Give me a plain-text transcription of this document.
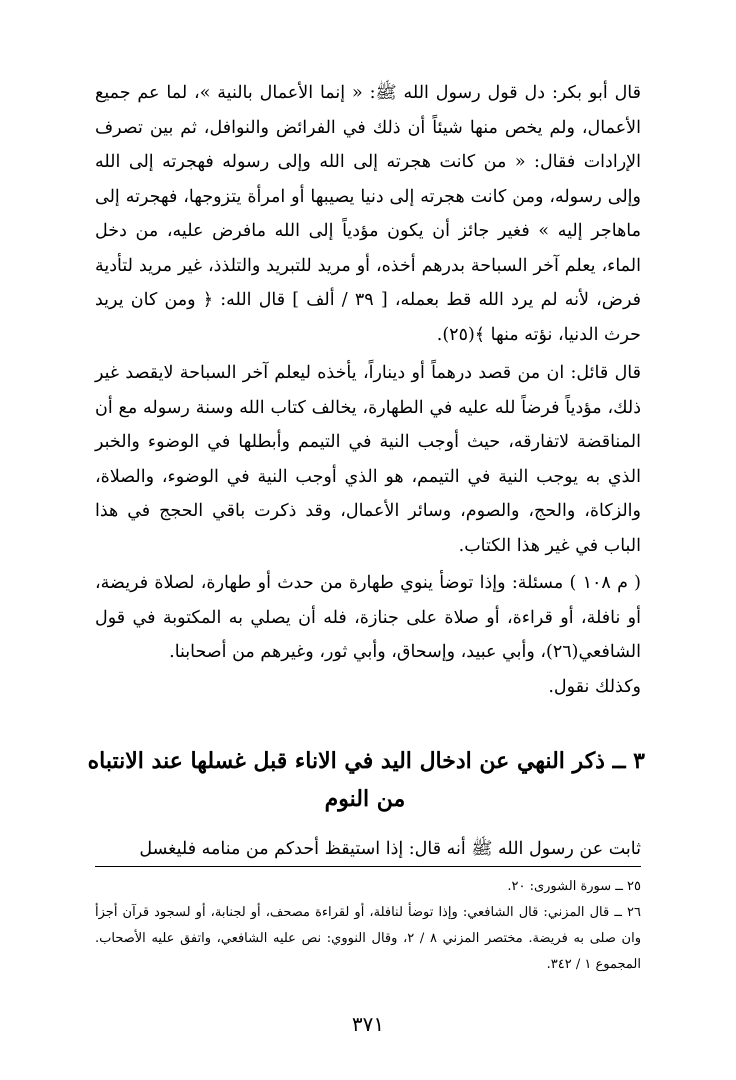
قال أبو بكر: دل قول رسول الله ﷺ: « إنما الأعمال بالنية »، لما عم جميع الأعمال، ولم يخص منها شيئاً أن ذلك في الفرائض والنوافل، ثم بين تصرف الإرادات فقال: « من كانت هجرته إلى الله وإلى رسوله فهجرته إلى الله وإلى رسوله، ومن كانت هجرته إلى دنيا يصيبها أو امرأة يتزوجها، فهجرته إلى ماهاجر إليه » فغير جائز أن يكون مؤدياً إلى الله مافرض عليه، من دخل الماء، يعلم آخر السباحة بدرهم أخذه، أو مريد للتبريد والتلذذ، غير مريد لتأدية فرض، لأنه لم يرد الله قط بعمله، [ ٣٩ / ألف ] قال الله: ﴿ ومن كان يريد حرث الدنيا، نؤته منها ﴾(٢٥).

قال قائل: ان من قصد درهماً أو ديناراً، يأخذه ليعلم آخر السباحة لايقصد غير ذلك، مؤدياً فرضاً لله عليه في الطهارة، يخالف كتاب الله وسنة رسوله مع أن المناقضة لاتفارقه، حيث أوجب النية في التيمم وأبطلها في الوضوء والخبر الذي به يوجب النية في التيمم، هو الذي أوجب النية في الوضوء، والصلاة، والزكاة، والحج، والصوم، وسائر الأعمال، وقد ذكرت باقي الحجج في هذا الباب في غير هذا الكتاب.

( م ١٠٨ ) مسئلة: وإذا توضأ ينوي طهارة من حدث أو طهارة، لصلاة فريضة، أو نافلة، أو قراءة، أو صلاة على جنازة، فله أن يصلي به المكتوبة في قول الشافعي(٢٦)، وأبي عبيد، وإسحاق، وأبي ثور، وغيرهم من أصحابنا.

وكذلك نقول.

٣ ــ ذكر النهي عن ادخال اليد في الاناء قبل غسلها عند الانتباه
من النوم

ثابت عن رسول الله ﷺ أنه قال: إذا استيقظ أحدكم من منامه فليغسل

٢٥ ــ سورة الشورى: ٢٠.

٢٦ ــ قال المزني: قال الشافعي: وإذا توضأ لنافلة، أو لقراءة مصحف، أو لجنابة، أو لسجود قرآن أجزأ وان صلى به فريضة. مختصر المزني ٨ / ٢، وقال النووي: نص عليه الشافعي، واتفق عليه الأصحاب. المجموع ١ / ٣٤٢.

٣٧١
